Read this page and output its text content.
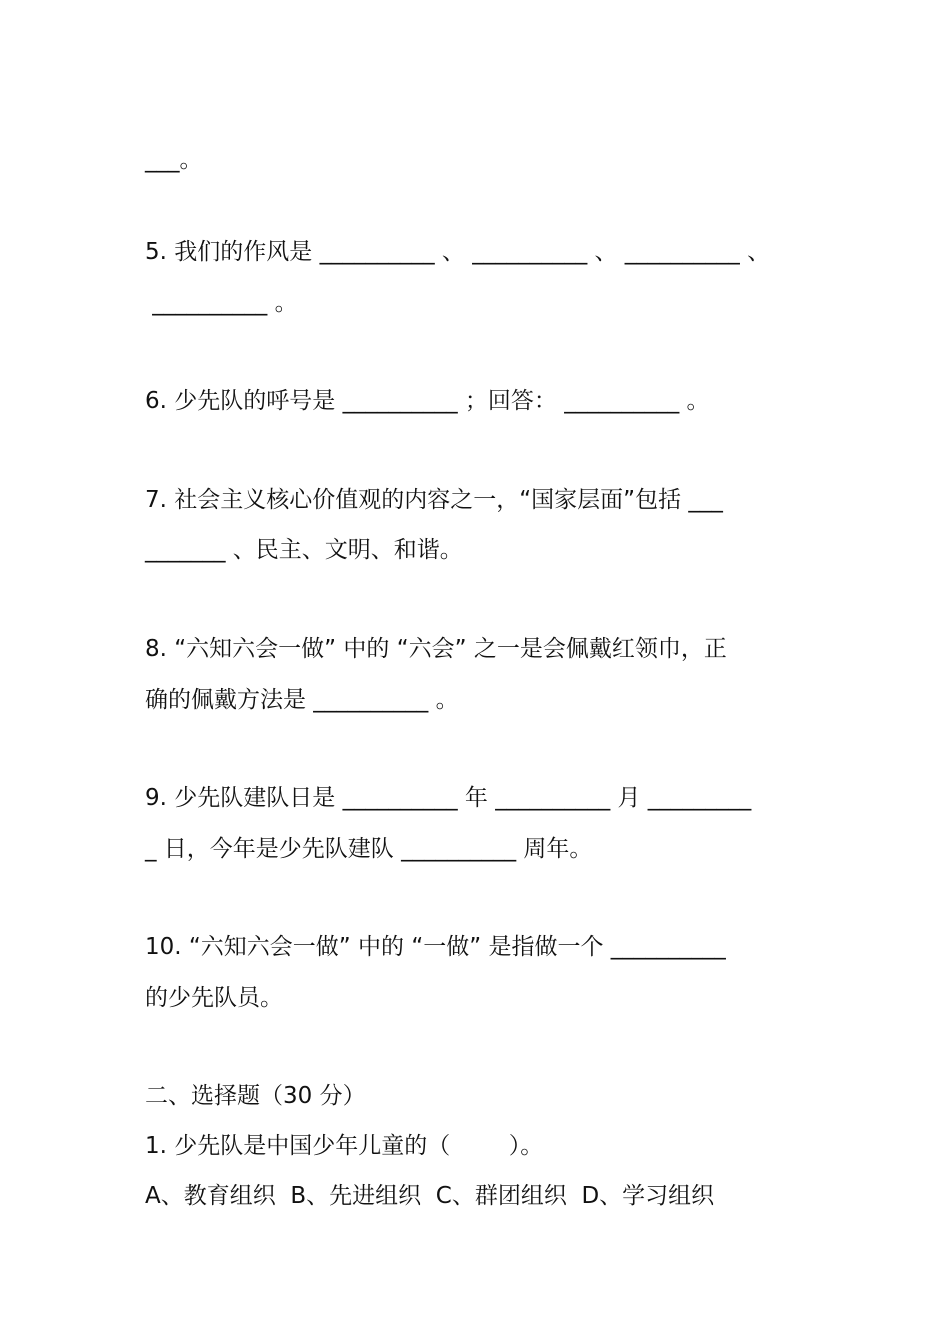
___。
5. 我们的作风是 __________ 、 __________ 、 __________ 、
__________ 。
6. 少先队的呼号是 __________ ；回答： __________ 。
7. 社会主义核心价值观的内容之一，“国家层面”包括 ___
_______ 、民主、文明、和谐。
8. “六知六会一做” 中的 “六会” 之一是会佩戴红领巾，正
确的佩戴方法是 __________ 。
9. 少先队建队日是 __________ 年 __________ 月 _________
_ 日，今年是少先队建队 __________ 周年。
10. “六知六会一做” 中的 “一做” 是指做一个 __________
的少先队员。
二、选择题（30 分）
1. 少先队是中国少年儿童的（        ）。
A、教育组织  B、先进组织  C、群团组织  D、学习组织
